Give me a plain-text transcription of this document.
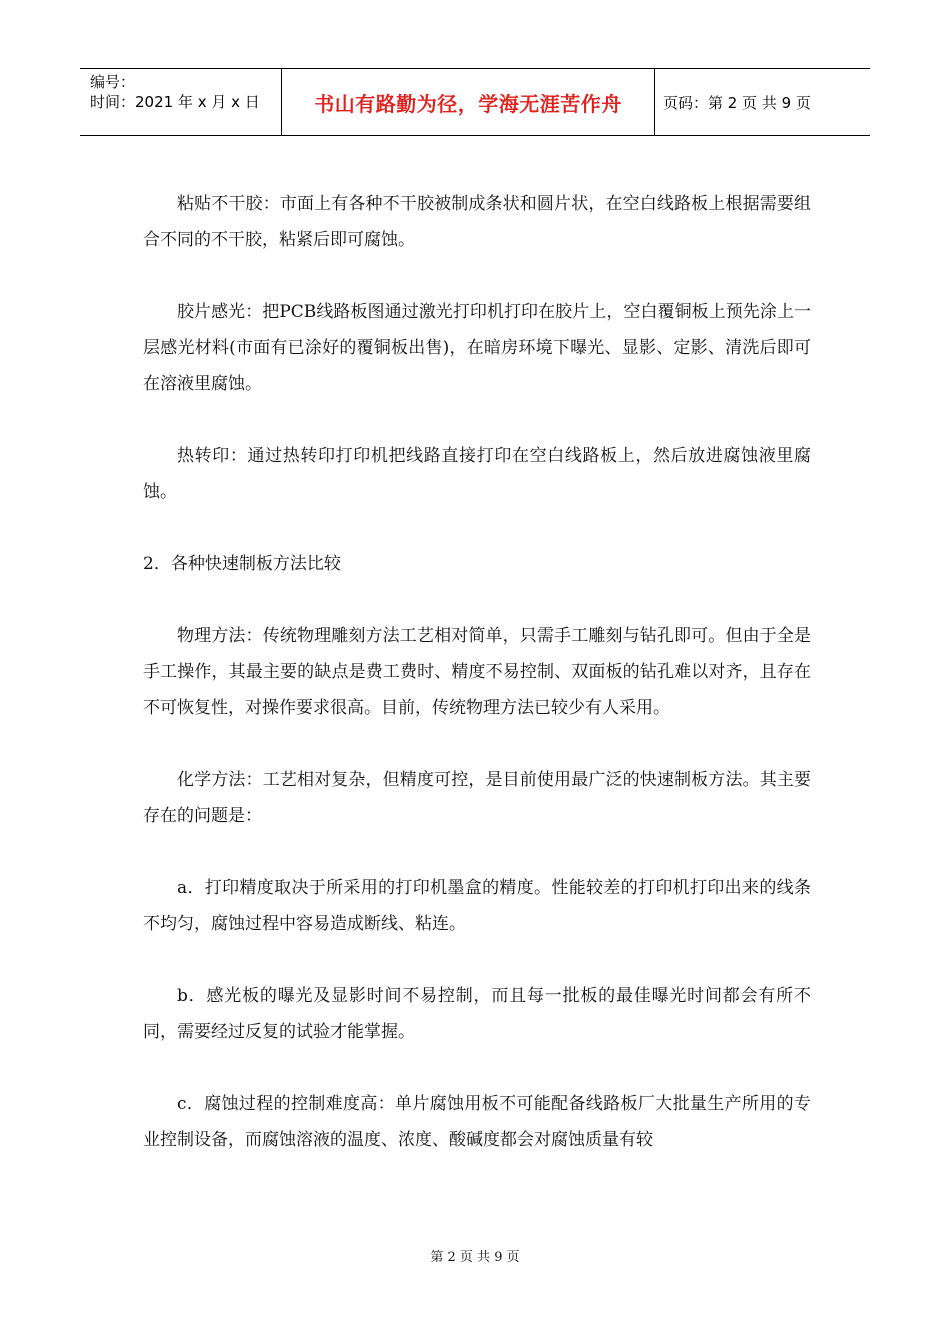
编号：
时间：2021 年 x 月 x 日	书山有路勤为径，学海无涯苦作舟	页码：第 2 页 共 9 页

粘贴不干胶：市面上有各种不干胶被制成条状和圆片状，在空白线路板上根据需要组合不同的不干胶，粘紧后即可腐蚀。

胶片感光：把PCB线路板图通过激光打印机打印在胶片上，空白覆铜板上预先涂上一层感光材料(市面有已涂好的覆铜板出售)，在暗房环境下曝光、显影、定影、清洗后即可在溶液里腐蚀。

热转印：通过热转印打印机把线路直接打印在空白线路板上，然后放进腐蚀液里腐蚀。

2．各种快速制板方法比较

物理方法：传统物理雕刻方法工艺相对简单，只需手工雕刻与钻孔即可。但由于全是手工操作，其最主要的缺点是费工费时、精度不易控制、双面板的钻孔难以对齐，且存在不可恢复性，对操作要求很高。目前，传统物理方法已较少有人采用。

化学方法：工艺相对复杂，但精度可控，是目前使用最广泛的快速制板方法。其主要存在的问题是：

a．打印精度取决于所采用的打印机墨盒的精度。性能较差的打印机打印出来的线条不均匀，腐蚀过程中容易造成断线、粘连。

b．感光板的曝光及显影时间不易控制，而且每一批板的最佳曝光时间都会有所不同，需要经过反复的试验才能掌握。

c．腐蚀过程的控制难度高：单片腐蚀用板不可能配备线路板厂大批量生产所用的专业控制设备，而腐蚀溶液的温度、浓度、酸碱度都会对腐蚀质量有较

第 2 页 共 9 页
